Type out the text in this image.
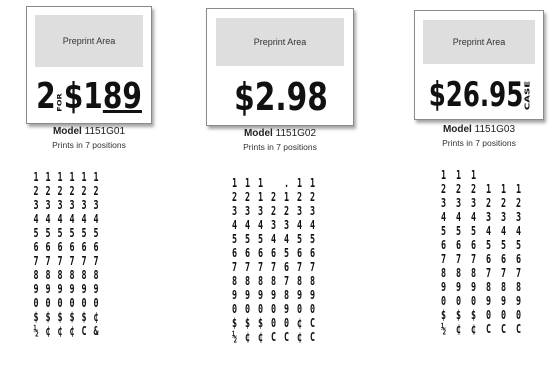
Preprint Area
2 FOR $ 1 89
Model 1151G01
Prints in 7 positions
1
2
3
4
5
6
7
8
9
0
$
½
1
2
3
4
5
6
7
8
9
0
$
¢
1
2
3
4
5
6
7
8
9
0
$
¢
1
2
3
4
5
6
7
8
9
0
$
¢
1
2
3
4
5
6
7
8
9
0
$
C
1
2
3
4
5
6
7
8
9
0
¢
&
Preprint Area
$ 2.98
Model 1151G02
Prints in 7 positions
1
2
3
4
5
6
7
8
9
0
$
½
1
2
3
4
5
6
7
8
9
0
$
¢
1
1
3
4
5
6
7
8
9
0
$
¢
2
2
3
4
6
7
8
9
0
0
C
.
1
2
3
4
5
6
7
8
9
0
C
1
2
3
4
5
6
7
8
9
0
¢
¢
1
2
3
4
5
6
7
8
9
0
C
C
Preprint Area
$ 26.95 CASE
Model 1151G03
Prints in 7 positions
1
2
3
4
5
6
7
8
9
0
$
½
1
2
3
4
5
6
7
8
9
0
$
¢
1
2
3
4
5
6
7
8
9
0
$
¢
1
2
3
4
5
6
7
8
9
0
C
1
2
3
4
5
6
7
8
9
0
C
1
2
3
4
5
6
7
8
9
0
C
